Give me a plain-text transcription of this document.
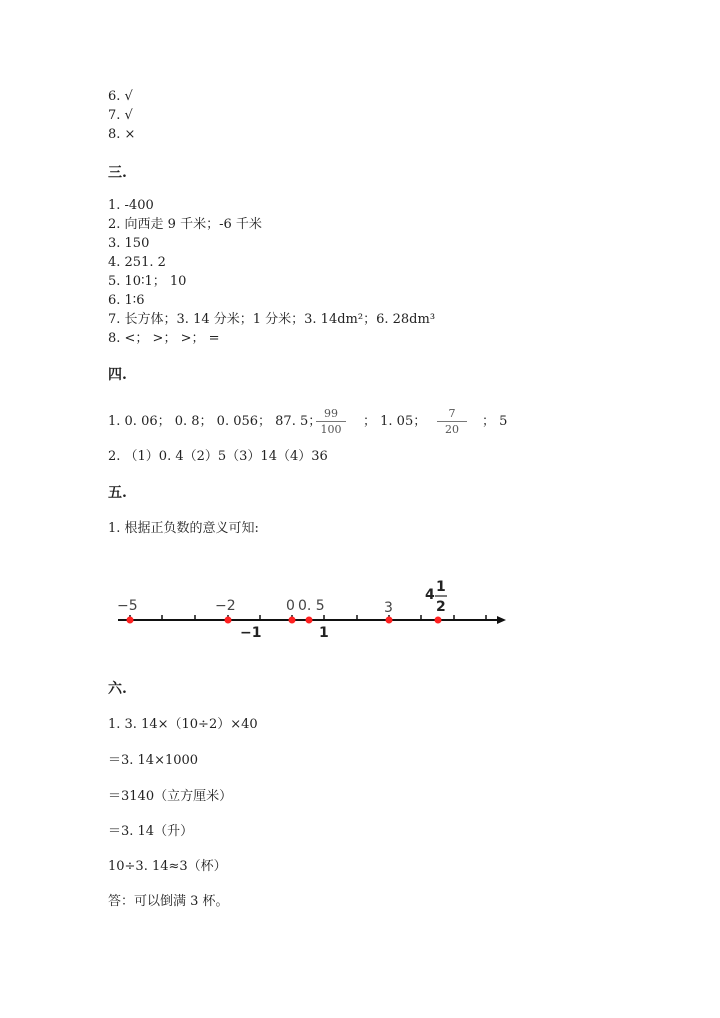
6. √
7. √
8. ×
三.
1. -400
2. 向西走 9 千米；-6 千米
3. 150
4. 251. 2
5. 10∶1； 10
6. 1∶6
7. 长方体；3. 14 分米；1 分米；3. 14dm²；6. 28dm³
8. <； >； >； =
四.
1. 0. 06； 0. 8； 0. 056； 87. 5；
99
100
； 1. 05；
7
20
； 5
2. （1）0. 4（2）5（3）14（4）36
五.
1. 根据正负数的意义可知:
−5	−2	0 0. 5	3
4 1
2
−1	1
六.
1. 3. 14×（10÷2）×40
＝3. 14×1000
＝3140（立方厘米）
＝3. 14（升）
10÷3. 14≈3（杯）
答：可以倒满 3 杯。
